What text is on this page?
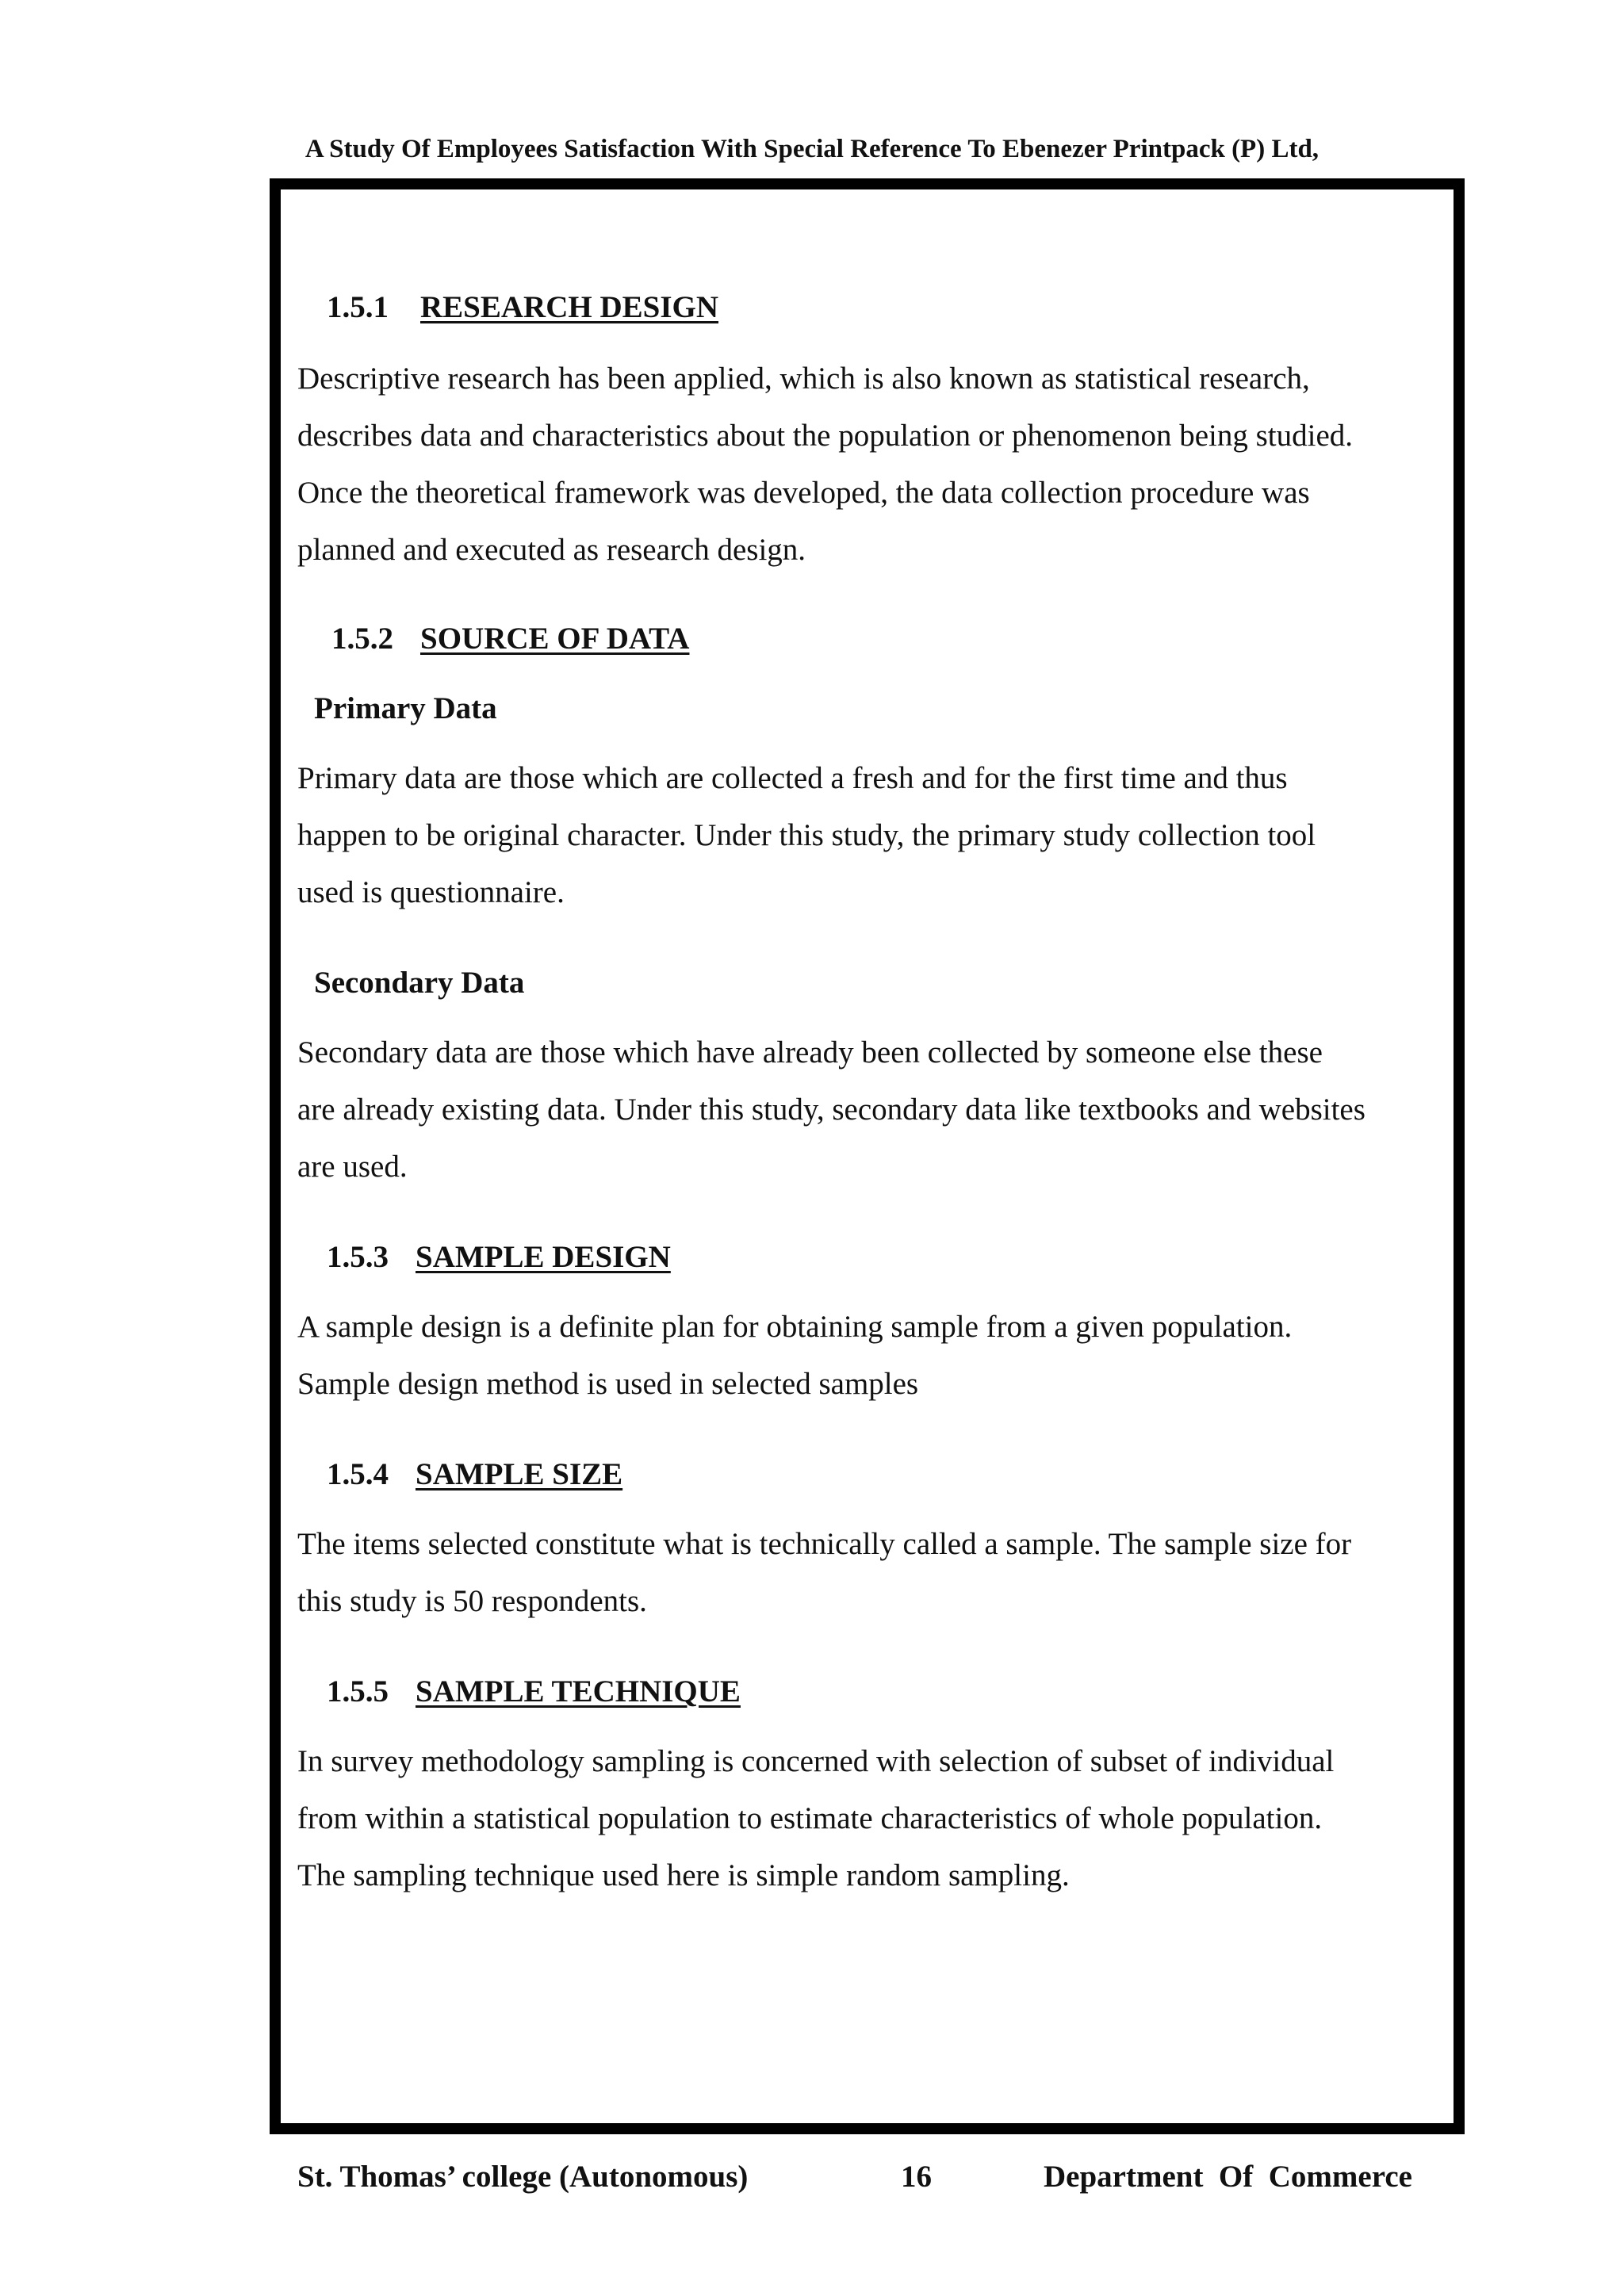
A Study Of Employees Satisfaction With Special Reference To Ebenezer Printpack (P) Ltd,
1.5.1 RESEARCH DESIGN
Descriptive research has been applied, which is also known as statistical research,
describes data and characteristics about the population or phenomenon being studied.
Once the theoretical framework was developed, the data collection procedure was
planned and executed as research design.
1.5.2 SOURCE OF DATA
Primary Data
Primary data are those which are collected a fresh and for the first time and thus
happen to be original character. Under this study, the primary study collection tool
used is questionnaire.
Secondary Data
Secondary data are those which have already been collected by someone else these
are already existing data. Under this study, secondary data like textbooks and websites
are used.
1.5.3 SAMPLE DESIGN
A sample design is a definite plan for obtaining sample from a given population.
Sample design method is used in selected samples
1.5.4 SAMPLE SIZE
The items selected constitute what is technically called a sample. The sample size for
this study is 50 respondents.
1.5.5 SAMPLE TECHNIQUE
In survey methodology sampling is concerned with selection of subset of individual
from within a statistical population to estimate characteristics of whole population.
The sampling technique used here is simple random sampling.
St. Thomas’ college (Autonomous)	16	Department  Of  Commerce
